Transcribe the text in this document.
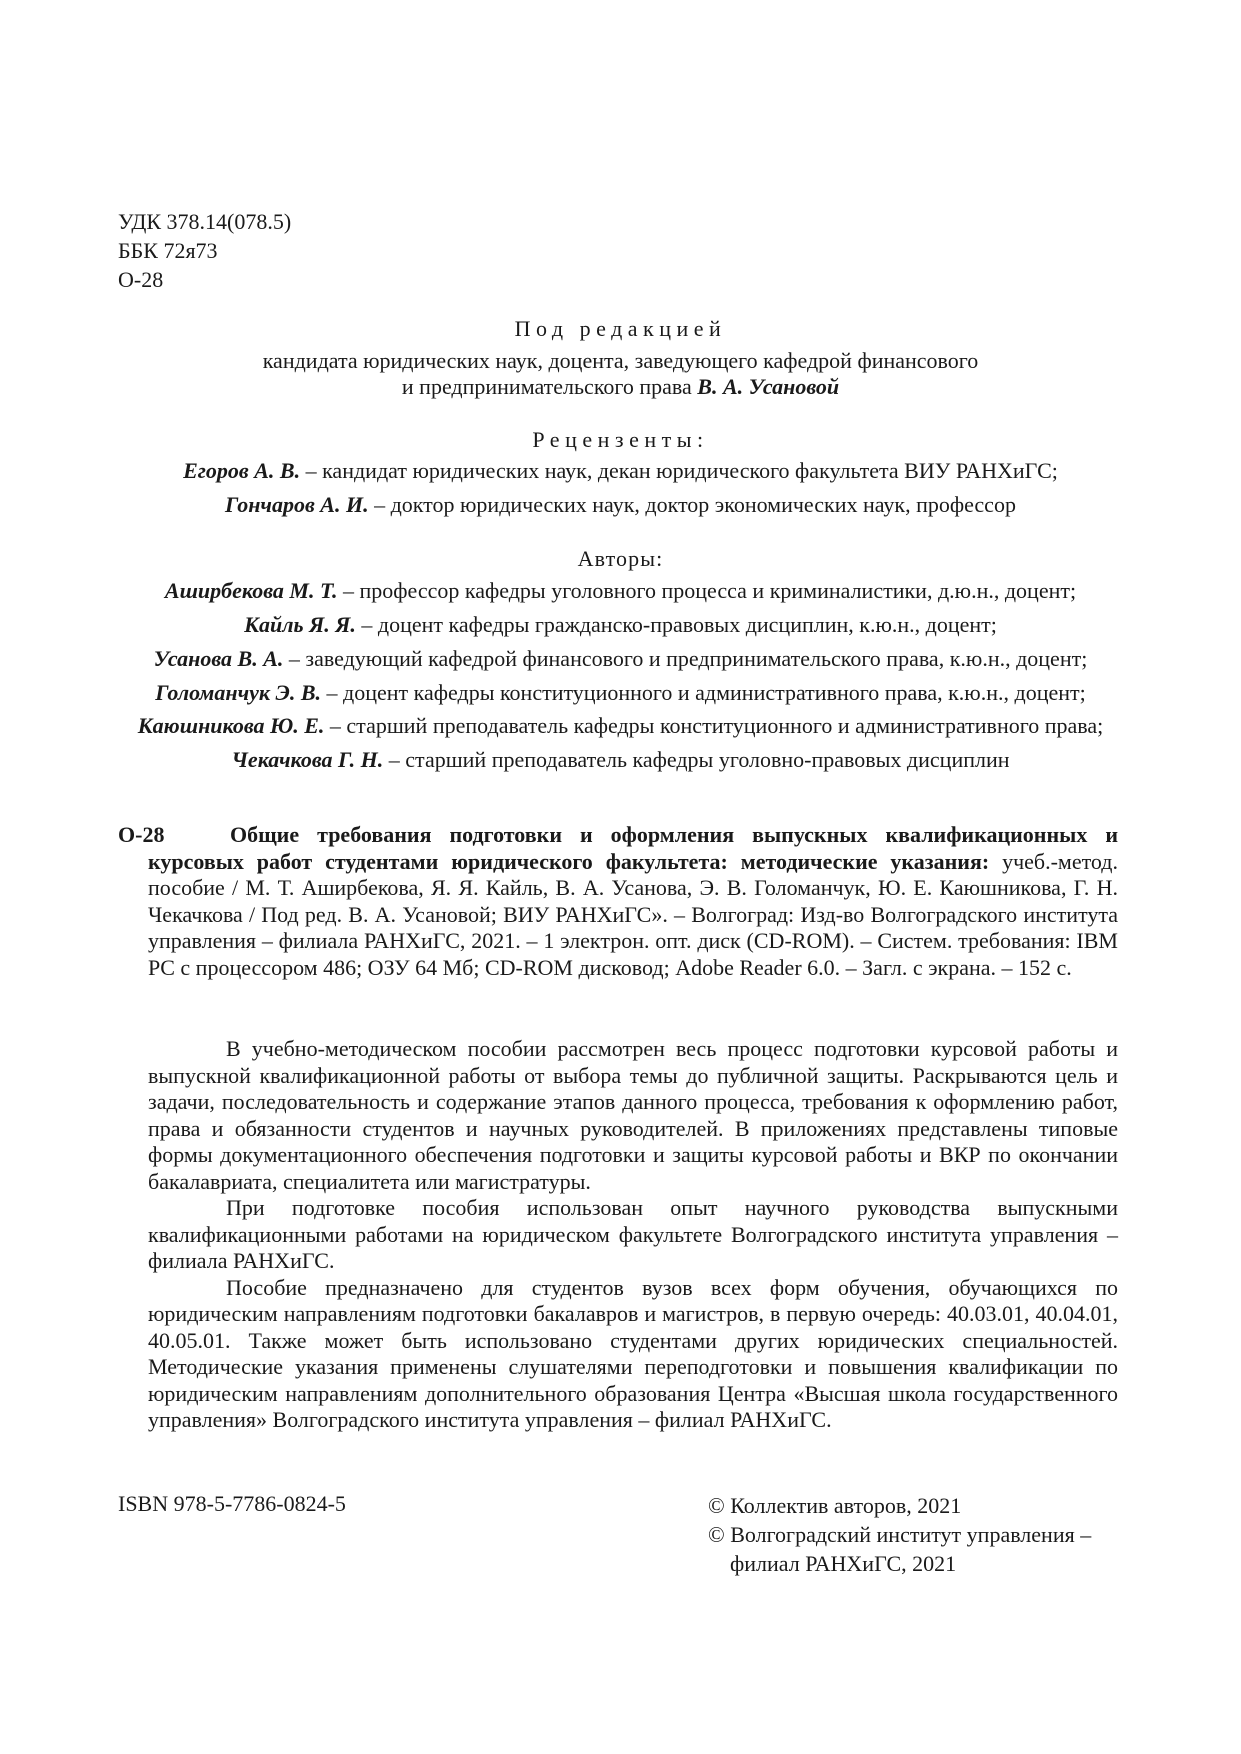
УДК 378.14(078.5)
ББК 72я73
О-28
Под редакцией
кандидата юридических наук, доцента, заведующего кафедрой финансового
и предпринимательского права В. А. Усановой
Рецензенты:
Егоров А. В. – кандидат юридических наук, декан юридического факультета ВИУ РАНХиГС;
Гончаров А. И. – доктор юридических наук, доктор экономических наук, профессор
Авторы:
Аширбекова М. Т. – профессор кафедры уголовного процесса и криминалистики, д.ю.н., доцент;
Кайль Я. Я. – доцент кафедры гражданско-правовых дисциплин, к.ю.н., доцент;
Усанова В. А. – заведующий кафедрой финансового и предпринимательского права, к.ю.н., доцент;
Голоманчук Э. В. – доцент кафедры конституционного и административного права, к.ю.н., доцент;
Каюшникова Ю. Е. – старший преподаватель кафедры конституционного и административного права;
Чекачкова Г. Н. – старший преподаватель кафедры уголовно-правовых дисциплин
О-28	Общие требования подготовки и оформления выпускных квалификационных и курсовых работ студентами юридического факультета: методические указания: учеб.-метод. пособие / М. Т. Аширбекова, Я. Я. Кайль, В. А. Усанова, Э. В. Голоманчук, Ю. Е. Каюшникова, Г. Н. Чекачкова / Под ред. В. А. Усановой; ВИУ РАНХиГС». – Волгоград: Изд-во Волгоградского института управления – филиала РАНХиГС, 2021. – 1 электрон. опт. диск (CD-ROM). – Систем. требования: IBM PC с процессором 486; ОЗУ 64 Мб; CD-ROM дисковод; Adobe Reader 6.0. – Загл. с экрана. – 152 с.

В учебно-методическом пособии рассмотрен весь процесс подготовки курсовой работы и выпускной квалификационной работы от выбора темы до публичной защиты. Раскрываются цель и задачи, последовательность и содержание этапов данного процесса, требования к оформлению работ, права и обязанности студентов и научных руководителей. В приложениях представлены типовые формы документационного обеспечения подготовки и защиты курсовой работы и ВКР по окончании бакалавриата, специалитета или магистратуры.

При подготовке пособия использован опыт научного руководства выпускными квалификационными работами на юридическом факультете Волгоградского института управления – филиала РАНХиГС.

Пособие предназначено для студентов вузов всех форм обучения, обучающихся по юридическим направлениям подготовки бакалавров и магистров, в первую очередь: 40.03.01, 40.04.01, 40.05.01. Также может быть использовано студентами других юридических специальностей. Методические указания применены слушателями переподготовки и повышения квалификации по юридическим направлениям дополнительного образования Центра «Высшая школа государственного управления» Волгоградского института управления – филиал РАНХиГС.

ISBN 978-5-7786-0824-5	© Коллектив авторов, 2021
© Волгоградский институт управления –
филиал РАНХиГС, 2021
